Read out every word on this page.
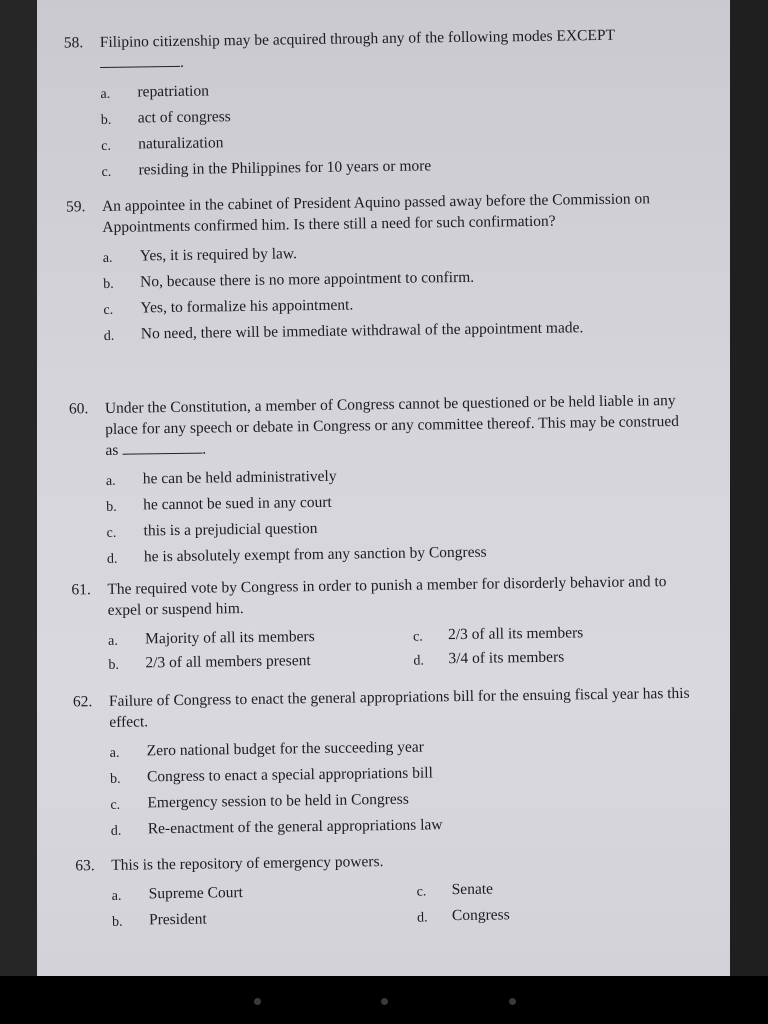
58.	Filipino citizenship may be acquired through any of the following modes EXCEPT .
a. repatriation
b. act of congress
c. naturalization
c. residing in the Philippines for 10 years or more
59.	An appointee in the cabinet of President Aquino passed away before the Commission on Appointments confirmed him. Is there still a need for such confirmation?
a. Yes, it is required by law.
b. No, because there is no more appointment to confirm.
c. Yes, to formalize his appointment.
d. No need, there will be immediate withdrawal of the appointment made.
60.	Under the Constitution, a member of Congress cannot be questioned or be held liable in any place for any speech or debate in Congress or any committee thereof. This may be construed as	.
a. he can be held administratively
b. he cannot be sued in any court
c. this is a prejudicial question
d. he is absolutely exempt from any sanction by Congress
61.	The required vote by Congress in order to punish a member for disorderly behavior and to expel or suspend him.
a. Majority of all its members	c. 2/3 of all its members
b. 2/3 of all members present	d. 3/4 of its members
62.	Failure of Congress to enact the general appropriations bill for the ensuing fiscal year has this effect.
a. Zero national budget for the succeeding year
b. Congress to enact a special appropriations bill
c. Emergency session to be held in Congress
d. Re-enactment of the general appropriations law
63.	This is the repository of emergency powers.
a. Supreme Court	c. Senate
b. President	d. Congress
